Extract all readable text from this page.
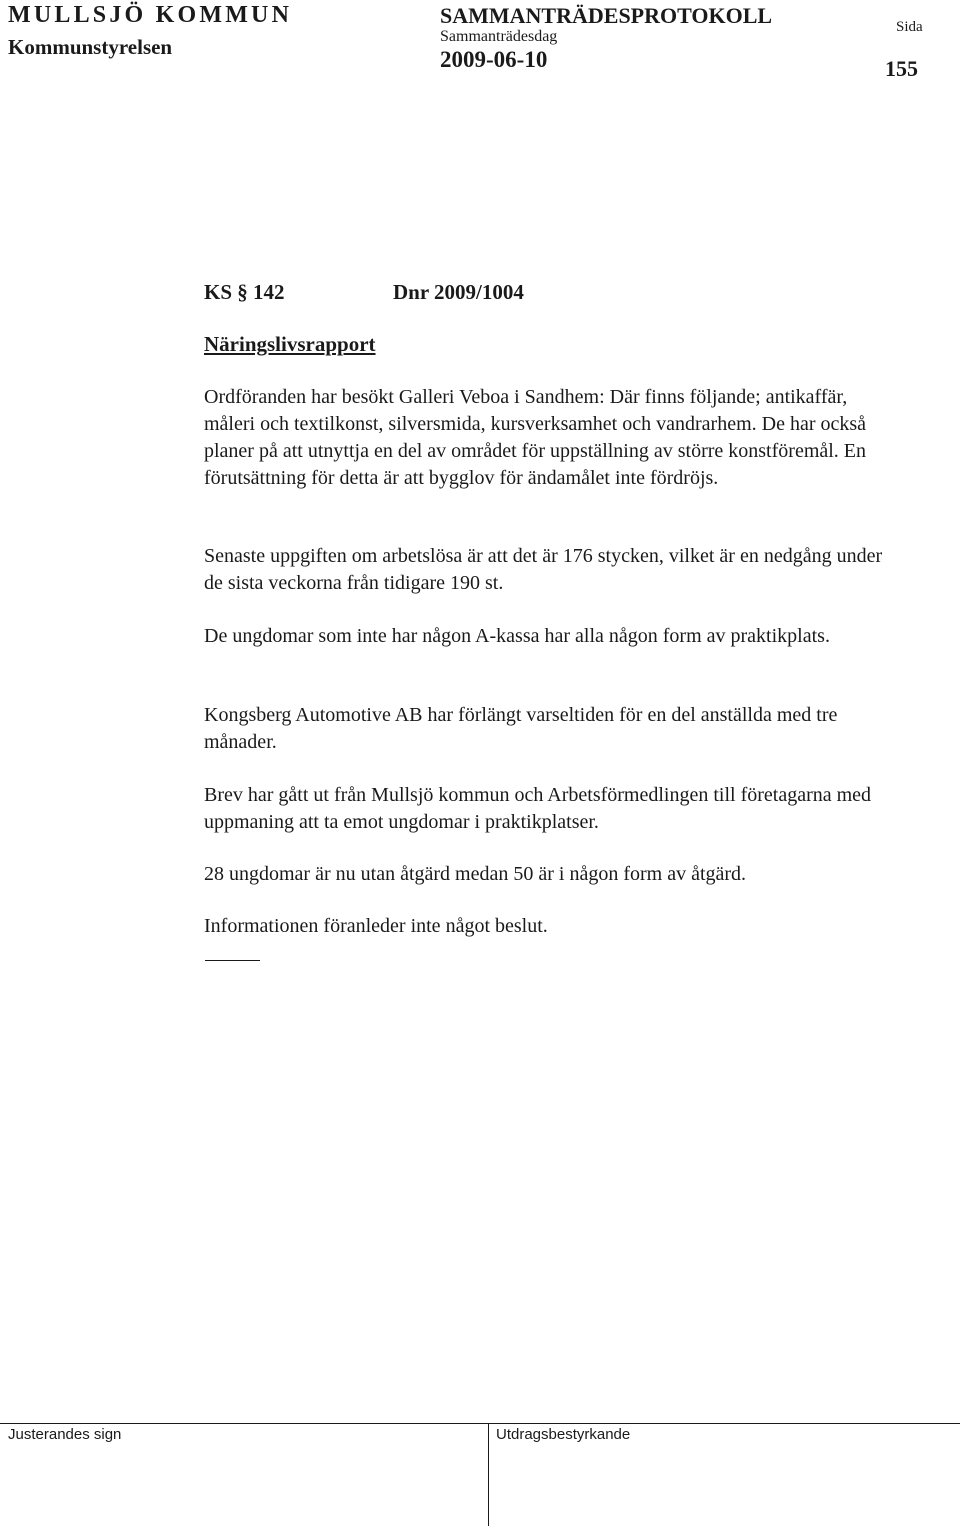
MULLSJÖ KOMMUN
Kommunstyrelsen
SAMMANTRÄDESPROTOKOLL
Sammanträdesdag
2009-06-10
Sida
155
KS § 142	Dnr 2009/1004
Näringslivsrapport

Ordföranden har besökt Galleri Veboa i Sandhem: Där finns följande; antikaffär, måleri och textilkonst, silversmida, kursverksamhet och vandrarhem. De har också planer på att utnyttja en del av området för uppställning av större konstföremål. En förutsättning för detta är att bygglov för ändamålet inte fördröjs.

Senaste uppgiften om arbetslösa är att det är 176 stycken, vilket är en nedgång under de sista veckorna från tidigare 190 st.

De ungdomar som inte har någon A-kassa har alla någon form av praktikplats.

Kongsberg Automotive AB har förlängt varseltiden för en del anställda med tre månader.

Brev har gått ut från Mullsjö kommun och Arbetsförmedlingen till företagarna med uppmaning att ta emot ungdomar i praktikplatser.

28 ungdomar är nu utan åtgärd medan 50 är i någon form av åtgärd.

Informationen föranleder inte något beslut.

Justerandes sign	Utdragsbestyrkande
